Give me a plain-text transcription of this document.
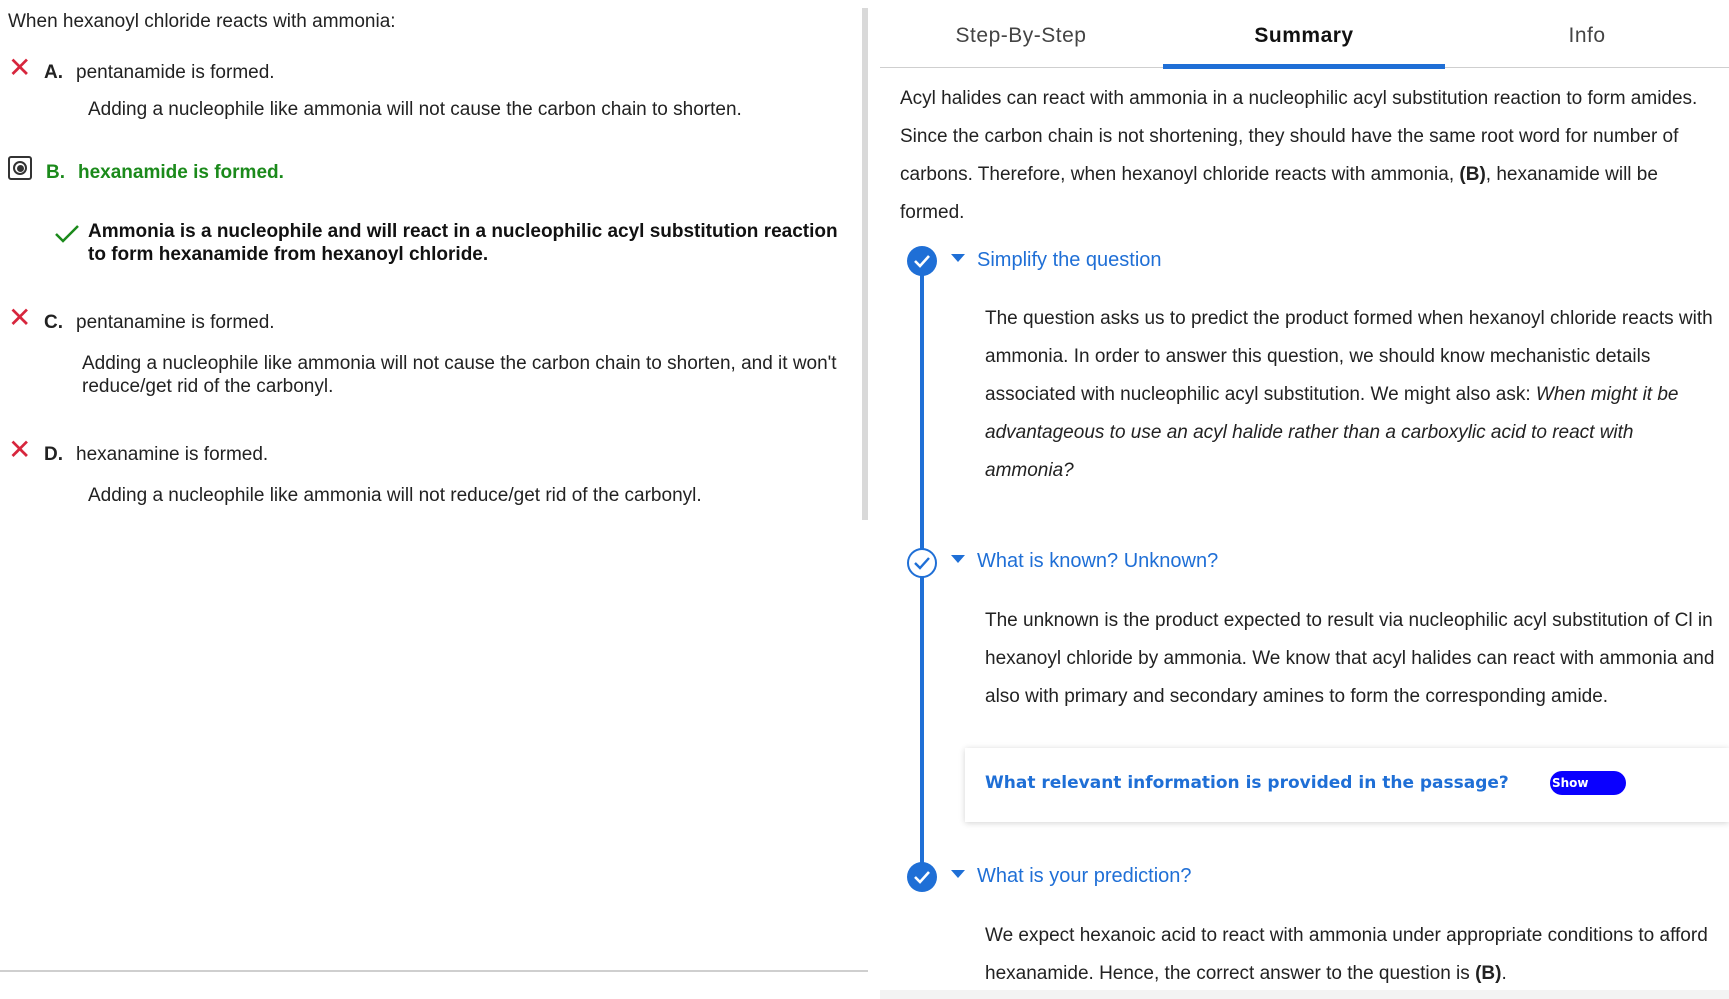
When hexanoyl chloride reacts with ammonia:
✕ A. pentanamide is formed.
Adding a nucleophile like ammonia will not cause the carbon chain to shorten.
B. hexanamide is formed.
Ammonia is a nucleophile and will react in a nucleophilic acyl substitution reaction to form hexanamide from hexanoyl chloride.
✕ C. pentanamine is formed.
Adding a nucleophile like ammonia will not cause the carbon chain to shorten, and it won't reduce/get rid of the carbonyl.
✕ D. hexanamine is formed.
Adding a nucleophile like ammonia will not reduce/get rid of the carbonyl.
Step-By-Step	Summary	Info
Acyl halides can react with ammonia in a nucleophilic acyl substitution reaction to form amides. Since the carbon chain is not shortening, they should have the same root word for number of carbons. Therefore, when hexanoyl chloride reacts with ammonia, (B), hexanamide will be formed.
Simplify the question
The question asks us to predict the product formed when hexanoyl chloride reacts with ammonia. In order to answer this question, we should know mechanistic details associated with nucleophilic acyl substitution. We might also ask: When might it be advantageous to use an acyl halide rather than a carboxylic acid to react with ammonia?
What is known? Unknown?
The unknown is the product expected to result via nucleophilic acyl substitution of Cl in hexanoyl chloride by ammonia. We know that acyl halides can react with ammonia and also with primary and secondary amines to form the corresponding amide.
What relevant information is provided in the passage?	Show
What is your prediction?
We expect hexanoic acid to react with ammonia under appropriate conditions to afford hexanamide. Hence, the correct answer to the question is (B).
